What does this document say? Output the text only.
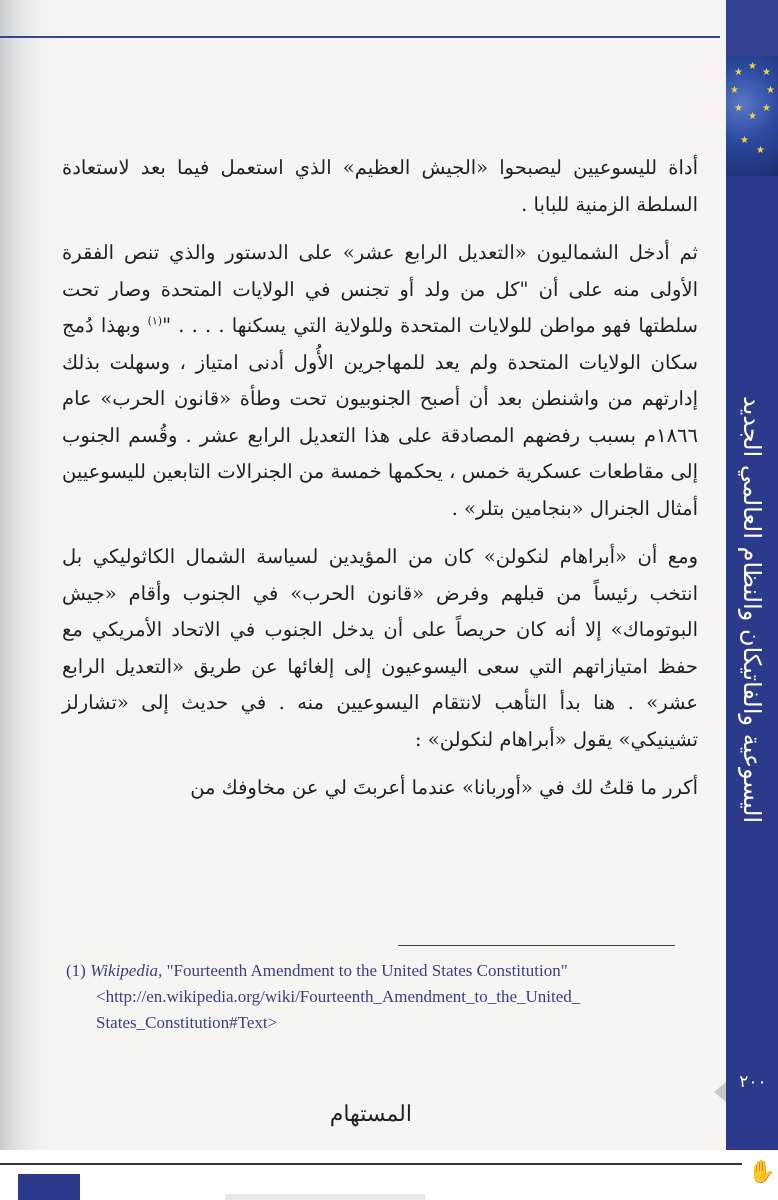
أداة لليسوعيين ليصبحوا «الجيش العظيم» الذي استعمل فيما بعد لاستعادة السلطة الزمنية للبابا .

ثم أدخل الشماليون «التعديل الرابع عشر» على الدستور والذي تنص الفقرة الأولى منه على أن "كل من ولد أو تجنس في الولايات المتحدة وصار تحت سلطتها فهو مواطن للولايات المتحدة وللولاية التي يسكنها . . . . "$^{(١)}$ وبهذا دُمج سكان الولايات المتحدة ولم يعد للمهاجرين الأُول أدنى امتياز ، وسهلت بذلك إدارتهم من واشنطن بعد أن أصبح الجنوبيون تحت وطأة «قانون الحرب» عام ١٨٦٦م بسبب رفضهم المصادقة على هذا التعديل الرابع عشر . وقُسم الجنوب إلى مقاطعات عسكرية خمس ، يحكمها خمسة من الجنرالات التابعين لليسوعيين أمثال الجنرال «بنجامين بتلر» .

ومع أن «أبراهام لنكولن» كان من المؤيدين لسياسة الشمال الكاثوليكي بل انتخب رئيساً من قبلهم وفرض «قانون الحرب» في الجنوب وأقام «جيش البوتوماك» إلا أنه كان حريصاً على أن يدخل الجنوب في الاتحاد الأمريكي مع حفظ امتيازاتهم التي سعى اليسوعيون إلى إلغائها عن طريق «التعديل الرابع عشر» . هنا بدأ التأهب لانتقام اليسوعيين منه . في حديث إلى «تشارلز تشينيكي» يقول «أبراهام لنكولن» :

أكرر ما قلتُ لك في «أوربانا» عندما أعربتَ لي عن مخاوفك من

(1) Wikipedia, "Fourteenth Amendment to the United States Constitution"
<http://en.wikipedia.org/wiki/Fourteenth_Amendment_to_the_United_
States_Constitution#Text>
المستهام
★
★
★
★	★
★ ★
★
★
★
اليسوعية والفاتيكان والنظام العالمي الجديد
٢٠٠
✋
